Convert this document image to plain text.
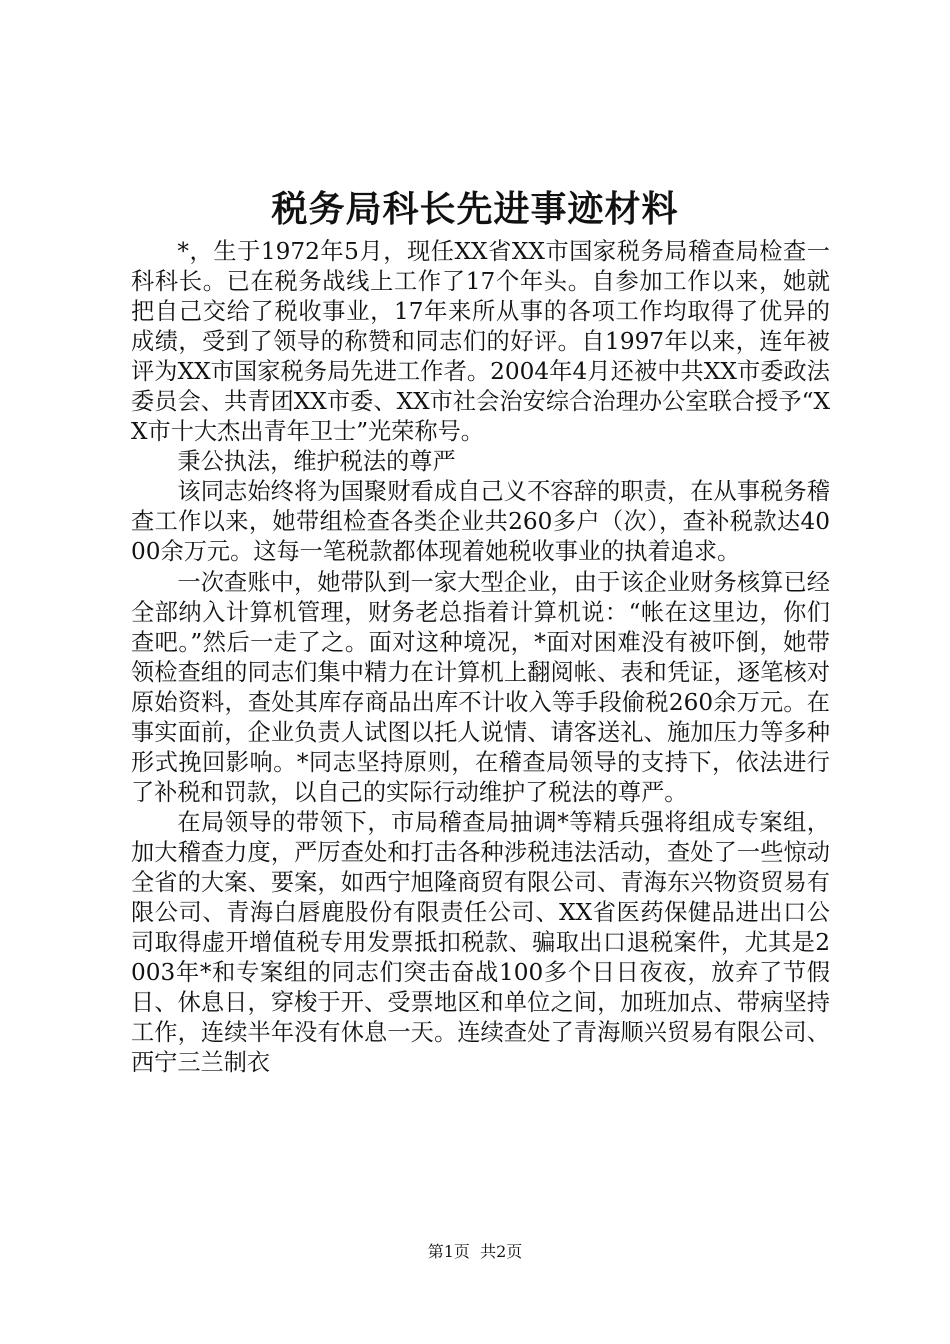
税务局科长先进事迹材料

*，生于1972年5月，现任XX省XX市国家税务局稽查局检查一科科长。已在税务战线上工作了17个年头。自参加工作以来，她就把自己交给了税收事业，17年来所从事的各项工作均取得了优异的成绩，受到了领导的称赞和同志们的好评。自1997年以来，连年被评为XX市国家税务局先进工作者。2004年4月还被中共XX市委政法委员会、共青团XX市委、XX市社会治安综合治理办公室联合授予“XX市十大杰出青年卫士”光荣称号。

秉公执法，维护税法的尊严

该同志始终将为国聚财看成自己义不容辞的职责，在从事税务稽查工作以来，她带组检查各类企业共260多户（次），查补税款达4000余万元。这每一笔税款都体现着她税收事业的执着追求。

一次查账中，她带队到一家大型企业，由于该企业财务核算已经全部纳入计算机管理，财务老总指着计算机说：“帐在这里边，你们查吧。”然后一走了之。面对这种境况，*面对困难没有被吓倒，她带领检查组的同志们集中精力在计算机上翻阅帐、表和凭证，逐笔核对原始资料，查处其库存商品出库不计收入等手段偷税260余万元。在事实面前，企业负责人试图以托人说情、请客送礼、施加压力等多种形式挽回影响。*同志坚持原则，在稽查局领导的支持下，依法进行了补税和罚款，以自己的实际行动维护了税法的尊严。

在局领导的带领下，市局稽查局抽调*等精兵强将组成专案组，加大稽查力度，严厉查处和打击各种涉税违法活动，查处了一些惊动全省的大案、要案，如西宁旭隆商贸有限公司、青海东兴物资贸易有限公司、青海白唇鹿股份有限责任公司、XX省医药保健品进出口公司取得虚开增值税专用发票抵扣税款、骗取出口退税案件，尤其是2003年*和专案组的同志们突击奋战100多个日日夜夜，放弃了节假日、休息日，穿梭于开、受票地区和单位之间，加班加点、带病坚持工作，连续半年没有休息一天。连续查处了青海顺兴贸易有限公司、西宁三兰制衣

第1页  共2页
